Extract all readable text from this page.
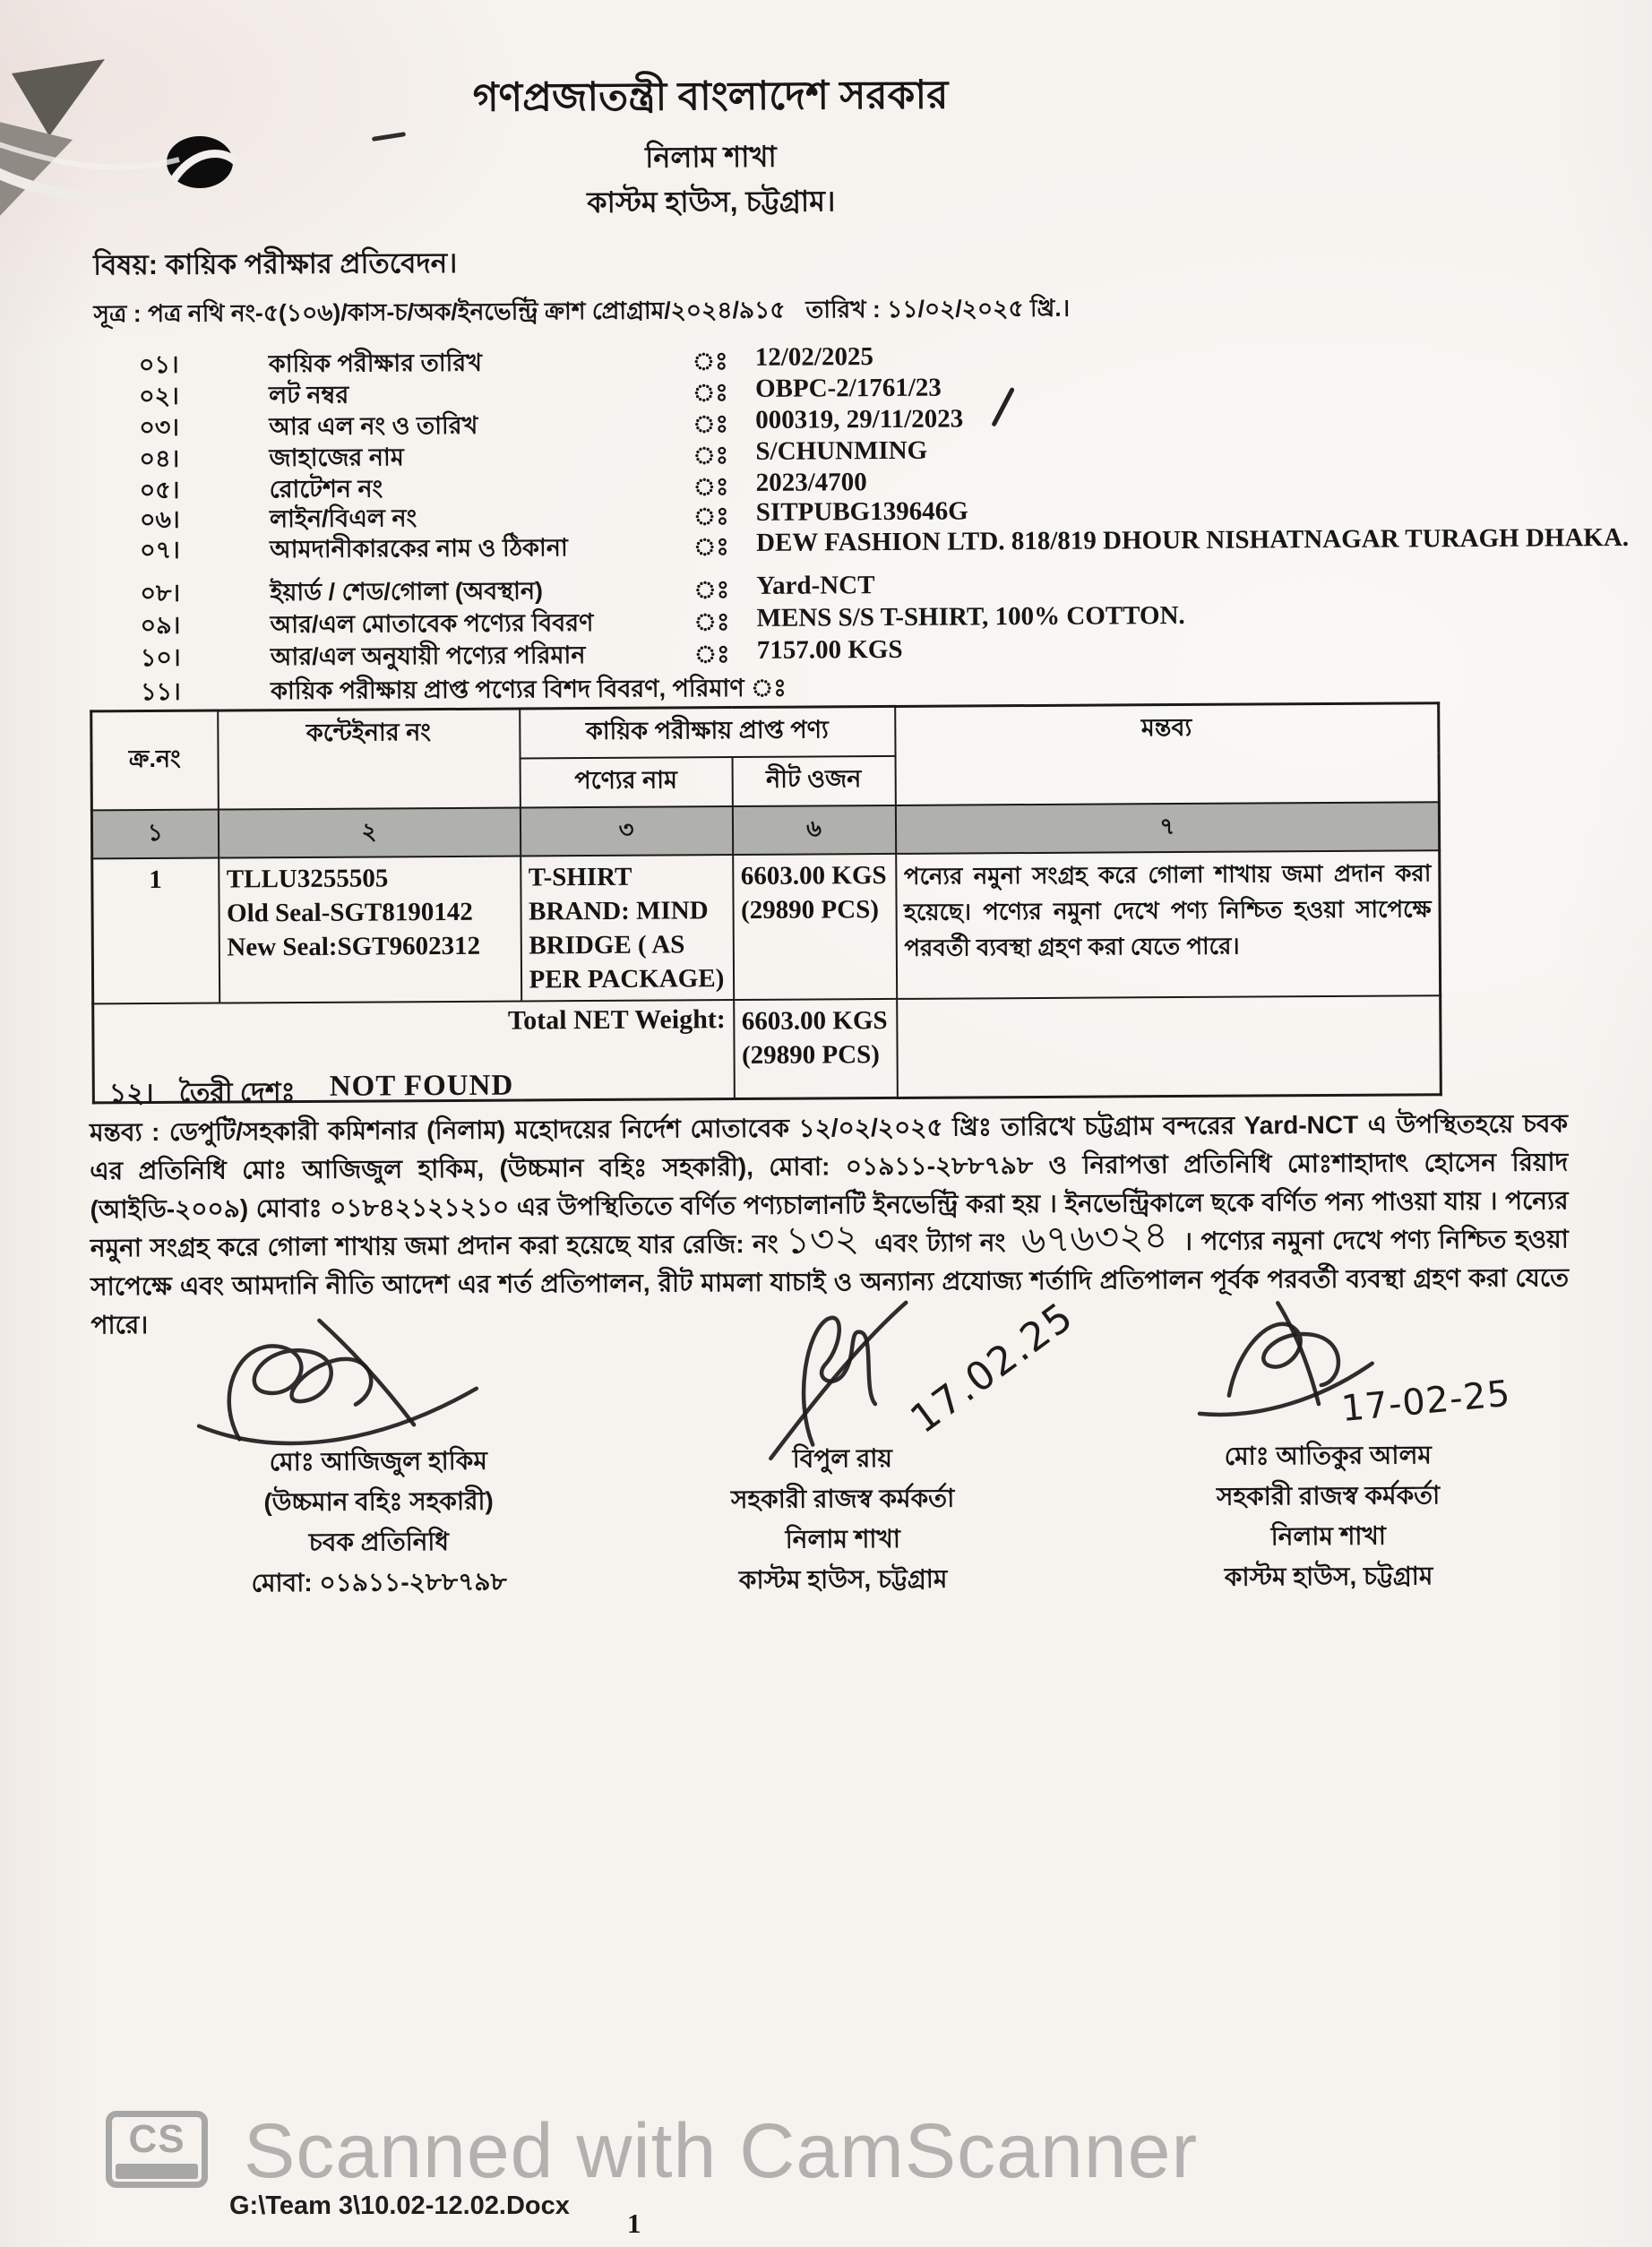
গণপ্রজাতন্ত্রী বাংলাদেশ সরকার
নিলাম শাখা
কাস্টম হাউস, চট্টগ্রাম।
বিষয়: কায়িক পরীক্ষার প্রতিবেদন।
সূত্র : পত্র নথি নং-৫(১০৬)/কাস-চ/অক/ইনভেন্ট্রি ক্রাশ প্রোগ্রাম/২০২৪/৯১৫ তারিখ : ১১/০২/২০২৫ খ্রি.।
০১।	কায়িক পরীক্ষার তারিখ	ঃ 12/02/2025
০২।	লট নম্বর	ঃ OBPC-2/1761/23
০৩।	আর এল নং ও তারিখ	ঃ 000319, 29/11/2023
০৪।	জাহাজের নাম	ঃ S/CHUNMING
০৫।	রোটেশন নং	ঃ 2023/4700
০৬।	লাইন/বিএল নং	ঃ SITPUBG139646G
০৭।	আমদানীকারকের নাম ও ঠিকানা	ঃ DEW FASHION LTD. 818/819 DHOUR NISHATNAGAR TURAGH DHAKA.
০৮।	ইয়ার্ড / শেড/গোলা (অবস্থান)	ঃ Yard-NCT
০৯।	আর/এল মোতাবেক পণ্যের বিবরণ	ঃ MENS S/S T-SHIRT, 100% COTTON.
১০।	আর/এল অনুযায়ী পণ্যের পরিমান	ঃ 7157.00 KGS
১১।	কায়িক পরীক্ষায় প্রাপ্ত পণ্যের বিশদ বিবরণ, পরিমাণ ঃ
ক্র.নং	কন্টেইনার নং	কায়িক পরীক্ষায় প্রাপ্ত পণ্য		মন্তব্য
		পণ্যের নাম	নীট ওজন	
১	২	৩	৬	৭
1	TLLU3255505
Old Seal-SGT8190142
New Seal:SGT9602312	T-SHIRT BRAND: MIND BRIDGE ( AS PER PACKAGE)	6603.00 KGS (29890 PCS)	পন্যের নমুনা সংগ্রহ করে গোলা শাখায় জমা প্রদান করা হয়েছে। পণ্যের নমুনা দেখে পণ্য নিশ্চিত হওয়া সাপেক্ষে পরবর্তী ব্যবস্থা গ্রহণ করা যেতে পারে।
Total NET Weight:			6603.00 KGS (29890 PCS)	
১২। তৈরী দেশঃ NOT FOUND
মন্তব্য : ডেপুটি/সহকারী কমিশনার (নিলাম) মহোদয়ের নির্দেশ মোতাবেক ১২/০২/২০২৫ খ্রিঃ তারিখে চট্টগ্রাম বন্দরের Yard-NCT এ উপস্থিতহয়ে চবক এর প্রতিনিধি মোঃ আজিজুল হাকিম, (উচ্চমান বহিঃ সহকারী), মোবা: ০১৯১১-২৮৮৭৯৮ ও নিরাপত্তা প্রতিনিধি মোঃশাহাদাৎ হোসেন রিয়াদ (আইডি-২০০৯) মোবাঃ ০১৮৪২১২১২১০ এর উপস্থিতিতে বর্ণিত পণ্যচালানটি ইনভেন্ট্রি করা হয় । ইনভেন্ট্রিকালে ছকে বর্ণিত পন্য পাওয়া যায় । পন্যের নমুনা সংগ্রহ করে গোলা শাখায় জমা প্রদান করা হয়েছে যার রেজি: নং ১৩২ এবং ট্যাগ নং ৬৭৬৩২৪ । পণ্যের নমুনা দেখে পণ্য নিশ্চিত হওয়া সাপেক্ষে এবং আমদানি নীতি আদেশ এর শর্ত প্রতিপালন, রীট মামলা যাচাই ও অন্যান্য প্রযোজ্য শর্তাদি প্রতিপালন পূর্বক পরবর্তী ব্যবস্থা গ্রহণ করা যেতে পারে।	17.02.25	17-02-25
মোঃ আজিজুল হাকিম
(উচ্চমান বহিঃ সহকারী)
চবক প্রতিনিধি
মোবা: ০১৯১১-২৮৮৭৯৮
বিপুল রায়
সহকারী রাজস্ব কর্মকর্তা
নিলাম শাখা
কাস্টম হাউস, চট্টগ্রাম
মোঃ আতিকুর আলম
সহকারী রাজস্ব কর্মকর্তা
নিলাম শাখা
কাস্টম হাউস, চট্টগ্রাম
CS Scanned with CamScanner
G:\Team 3\10.02-12.02.Docx
1
